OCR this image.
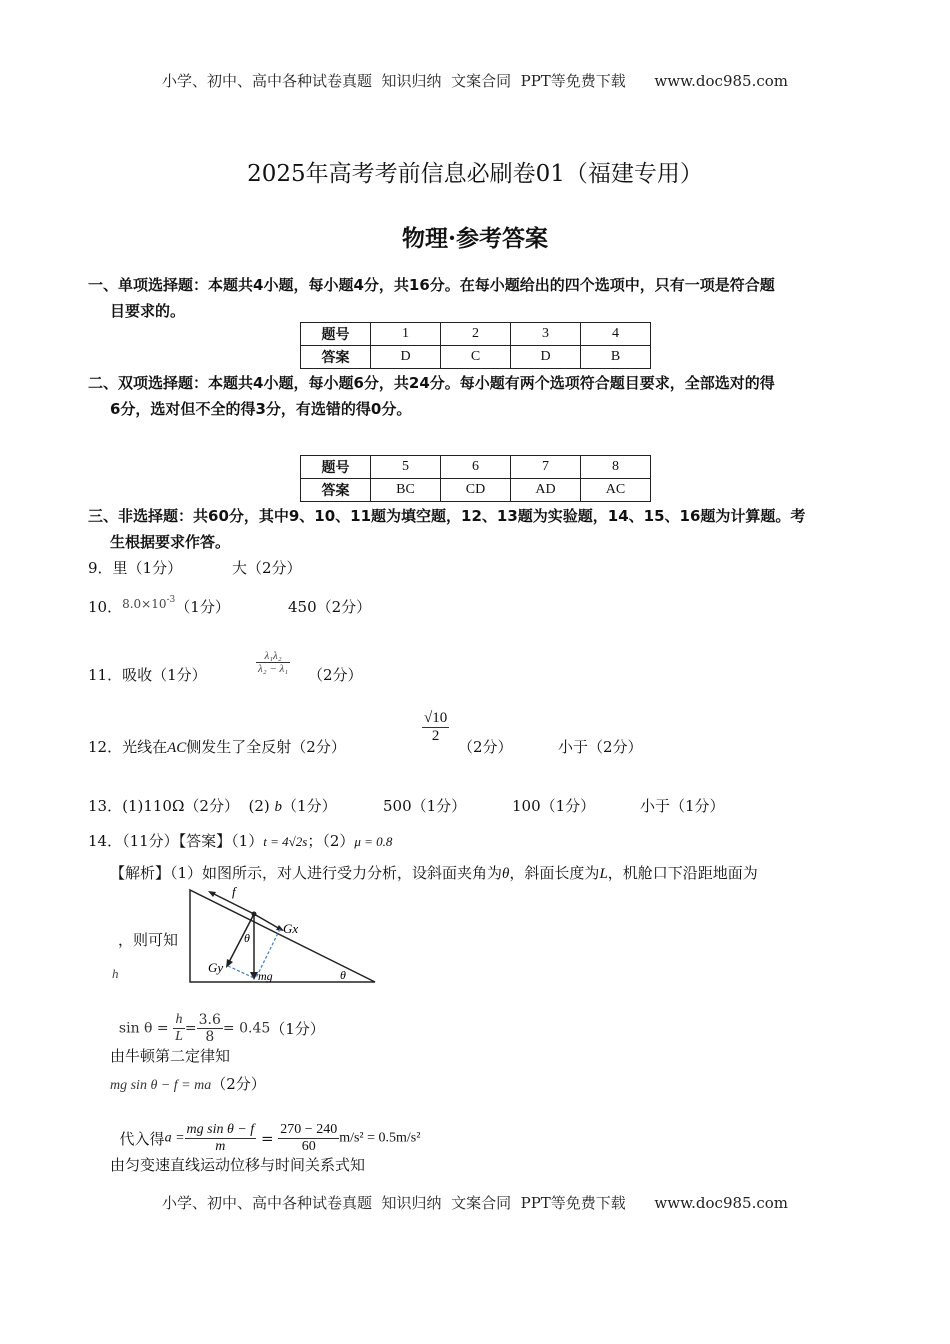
小学、初中、高中各种试卷真题  知识归纳  文案合同  PPT等免费下载      www.doc985.com
2025年高考考前信息必刷卷01（福建专用）
物理·参考答案
一、单项选择题：本题共4小题，每小题4分，共16分。在每小题给出的四个选项中，只有一项是符合题
目要求的。
题号	1	2	3	4
答案	D	C	D	B
二、双项选择题：本题共4小题，每小题6分，共24分。每小题有两个选项符合题目要求，全部选对的得
6分，选对但不全的得3分，有选错的得0分。
题号	5	6	7	8
答案	BC	CD	AD	AC
三、非选择题：共60分，其中9、10、11题为填空题，12、13题为实验题，14、15、16题为计算题。考
生根据要求作答。
9．里（1分）	大（2分）
10．$^{8.0\times 10-3}$（1分）	450（2分）
11．吸收（1分）	$\frac{\text{λ₁λ₂}}{\text{λ₂ − λ₁}} (2$分）
12．光线在AC侧发生了全反射（2分）
$\frac{√10}{2}$
（2分）	小于（2分）
13．(1)110Ω（2分） (2) b（1分）	500（1分）	100（1分）	小于（1分）
14．（11分）【答案】（1）t = 4√2s；（2）μ = 0.8
【解析】（1）如图所示，对人进行受力分析，设斜面夹角为θ，斜面长度为L，机舱口下沿距地面为
，则可知
h
f
Gx
θ
Gy
mg	θ

$\sin \theta = \frac{h}{L} = \frac{3.6}{8} = 0.45(1$分）

由牛顿第二定律知
mg sin θ − f = ma（2分）

代入得$a = \frac{\text{mg sin θ − f}}{m} = \frac{270 - 240}{60} m/s^2 = 0.5m/s^2$

由匀变速直线运动位移与时间关系式知
小学、初中、高中各种试卷真题  知识归纳  文案合同  PPT等免费下载      www.doc985.com
